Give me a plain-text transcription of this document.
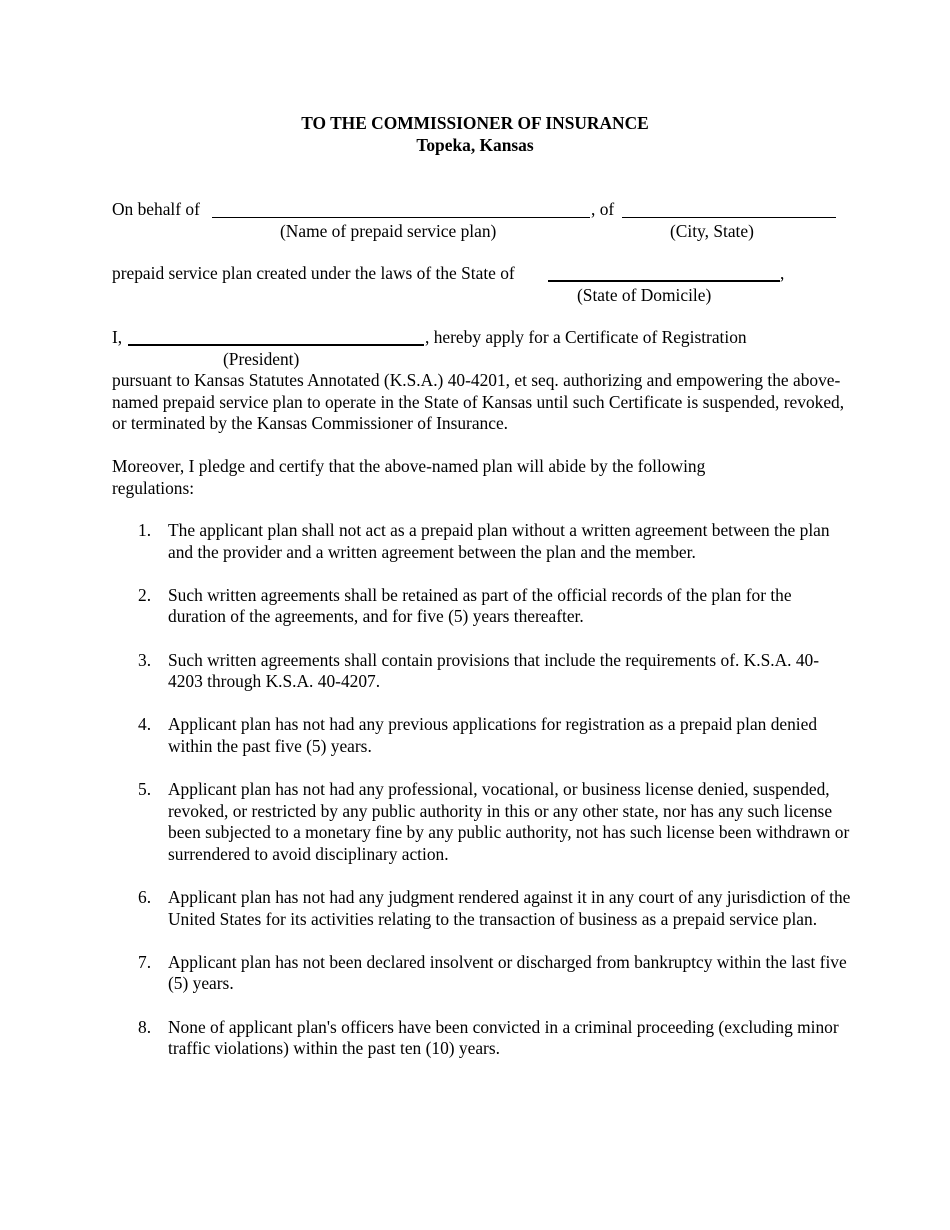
TO THE COMMISSIONER OF INSURANCE
Topeka, Kansas
On behalf of	, of
(Name of prepaid service plan)	(City, State)
prepaid service plan created under the laws of the State of	,
(State of Domicile)
I,	, hereby apply for a Certificate of Registration
(President)
pursuant to Kansas Statutes Annotated (K.S.A.) 40-4201, et seq. authorizing and empowering the above-named prepaid service plan to operate in the State of Kansas until such Certificate is suspended, revoked, or terminated by the Kansas Commissioner of Insurance.
Moreover, I pledge and certify that the above-named plan will abide by the following regulations:
1. The applicant plan shall not act as a prepaid plan without a written agreement between the plan and the provider and a written agreement between the plan and the member.
2. Such written agreements shall be retained as part of the official records of the plan for the duration of the agreements, and for five (5) years thereafter.
3. Such written agreements shall contain provisions that include the requirements of. K.S.A. 40-4203 through K.S.A. 40-4207.
4. Applicant plan has not had any previous applications for registration as a prepaid plan denied within the past five (5) years.
5. Applicant plan has not had any professional, vocational, or business license denied, suspended, revoked, or restricted by any public authority in this or any other state, nor has any such license been subjected to a monetary fine by any public authority, not has such license been withdrawn or surrendered to avoid disciplinary action.
6. Applicant plan has not had any judgment rendered against it in any court of any jurisdiction of the United States for its activities relating to the transaction of business as a prepaid service plan.
7. Applicant plan has not been declared insolvent or discharged from bankruptcy within the last five (5) years.
8. None of applicant plan's officers have been convicted in a criminal proceeding (excluding minor traffic violations) within the past ten (10) years.
